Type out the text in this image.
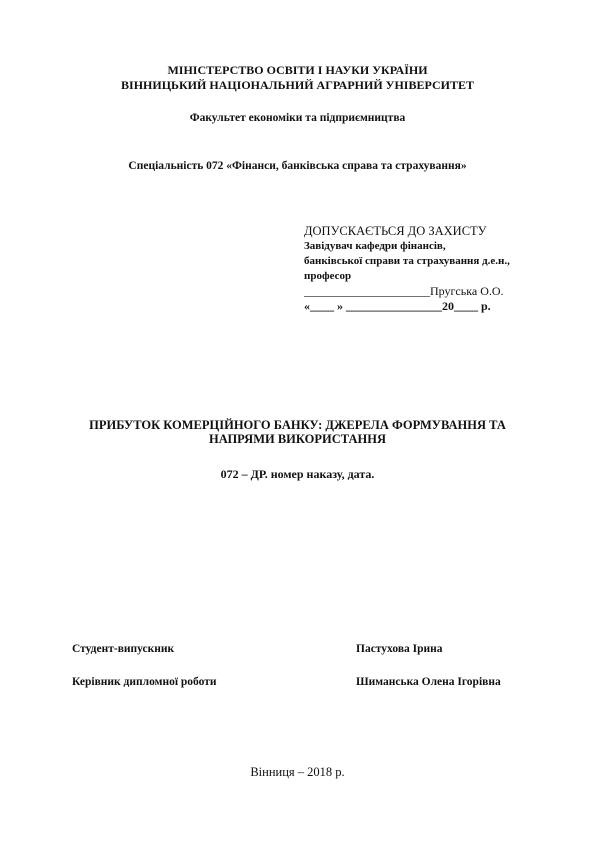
МІНІСТЕРСТВО ОСВІТИ І НАУКИ УКРАЇНИ
ВІННИЦЬКИЙ НАЦІОНАЛЬНИЙ АГРАРНИЙ УНІВЕРСИТЕТ
Факультет економіки та підприємництва
Спеціальність 072 «Фінанси, банківська справа та страхування»
ДОПУСКАЄТЬСЯ ДО ЗАХИСТУ
Завідувач кафедри фінансів,
банківської справи та страхування д.е.н.,
професор
_____________________Пругська О.О.
«____ » ________________20____ р.
ПРИБУТОК КОМЕРЦІЙНОГО БАНКУ: ДЖЕРЕЛА ФОРМУВАННЯ ТА
НАПРЯМИ ВИКОРИСТАННЯ
072 – ДР. номер наказу, дата.
Студент-випускник	Пастухова Ірина
Керівник дипломної роботи	Шиманська Олена Ігорівна
Вінниця – 2018 р.
